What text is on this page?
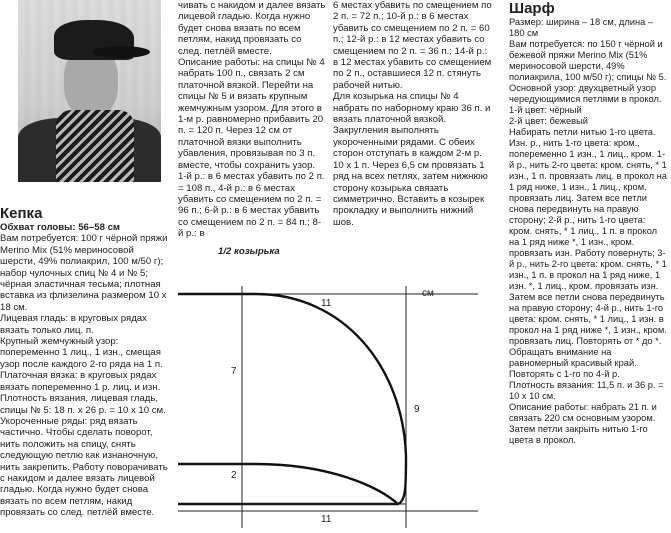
Кепка

Обхват головы: 56–58 см

Вам потребуется: 100 г чёрной пряжи Merino Mix (51% мериносовой шерсти, 49% полиакрил, 100 м/50 г); набор чулочных спиц № 4 и № 5; чёрная эластичная тесьма; плотная вставка из флизелина размером 10 х 18 см.

Лицевая гладь: в круговых рядах вязать только лиц. п.

Крупный жемчужный узор: попеременно 1 лиц., 1 изн., смещая узор после каждого 2-го ряда на 1 п.

Платочная вязка: в круговых рядах вязать попеременно 1 р. лиц. и изн.

Плотность вязания, лицевая гладь, спицы № 5: 18 п. x 26 р. = 10 x 10 см.

Укороченные ряды: ряд вязать частично. Чтобы сделать поворот, нить положить на спицу, снять следующую петлю как изнаночную, нить закрепить. Работу поворачивать с накидом и далее вязать лицевой гладью. Когда нужно будет снова вязать по всем петлям, накид провязать со след. петлёй вместе.

чивать с накидом и далее вязать лицевой гладью. Когда нужно будет снова вязать по всем петлям, накид провязать со след. петлёй вместе.

Описание работы: на спицы № 4 набрать 100 п., связать 2 см платочной вязкой. Перейти на спицы № 5 и вязать крупным жемчужным узором. Для этого в 1-м р. равномерно прибавить 20 п. = 120 п. Через 12 см от платочной вязки выполнить убавления, провязывая по 3 п. вместе, чтобы сохранить узор.

1-й р.: в 6 местах убавить по 2 п. = 108 п., 4-й р.: в 6 местах убавить со смещением по 2 п. = 96 п.; 6-й р.: в 6 местах убавить со смещением по 2 п. = 84 п.; 8-й р.: в

6 местах убавить по смещением по 2 п. = 72 п.; 10-й р.: в 6 местах убавить со смещением по 2 п. = 60 п.; 12-й р.: в 12 местах убавить со смещением по 2 п. = 36 п.; 14-й р.: в 12 местах убавить со смещением по 2 п., оставшиеся 12 п. стянуть рабочей нитью.

Для козырька на спицы № 4 набрать по наборному краю 36 п. и вязать платочной вязкой. Закругления выполнять укороченными рядами. С обеих сторон отступать в каждом 2-м р. 10 х 1 п. Через 6,5 см провязать 1 ряд на всех петлях, затем нижнюю сторону козырька связать симметрично. Вставить в козырек прокладку и выполнить нижний шов.

Шарф

Размер: ширина – 18 см, длина – 180 см

Вам потребуется: по 150 г чёрной и бежевой пряжи Merino Mix (51% мериносовой шерсти, 49% полиакрила, 100 м/50 г); спицы № 5.

Основной узор: двухцветный узор чередующимися петлями в прокол. 1-й цвет: чёрный

2-й цвет: бежевый

Набирать петли нитью 1-го цвета.

Изн. р., нить 1-го цвета: кром., попеременно 1 изн., 1 лиц., кром. 1-й р., нить 2-го цвета: кром. снять, * 1 изн., 1 п. провязать лиц. в прокол на 1 ряд ниже, 1 изн., 1 лиц., кром. провязать лиц. Затем все петли снова передвинуть на правую сторону; 2-й р., нить 1-го цвета: кром. снять, * 1 лиц., 1 п. в прокол на 1 ряд ниже *, 1 изн., кром. провязать изн. Работу повернуть; 3-й р., нить 2-го цвета: кром. снять, * 1 изн., 1 п. в прокол на 1 ряд ниже, 1 изн. *, 1 лиц., кром. провязать изн. Затем все петли снова передвинуть на правую сторону; 4-й р., нить 1-го цвета: кром. снять, * 1 лиц., 1 изн. в прокол на 1 ряд ниже *, 1 изн., кром. провязать лиц. Повторять от * до *. Обращать внимание на равномерный красивый край. Повторять с 1-го по 4-й р.

Плотность вязания: 11,5 п. и 36 р. = 10 x 10 см.

Описание работы: набрать 21 п. и связать 220 см основным узором. Затем петли закрыть нитью 1-го цвета в прокол.

1/2 козырька
11
см
7
2
9
11
